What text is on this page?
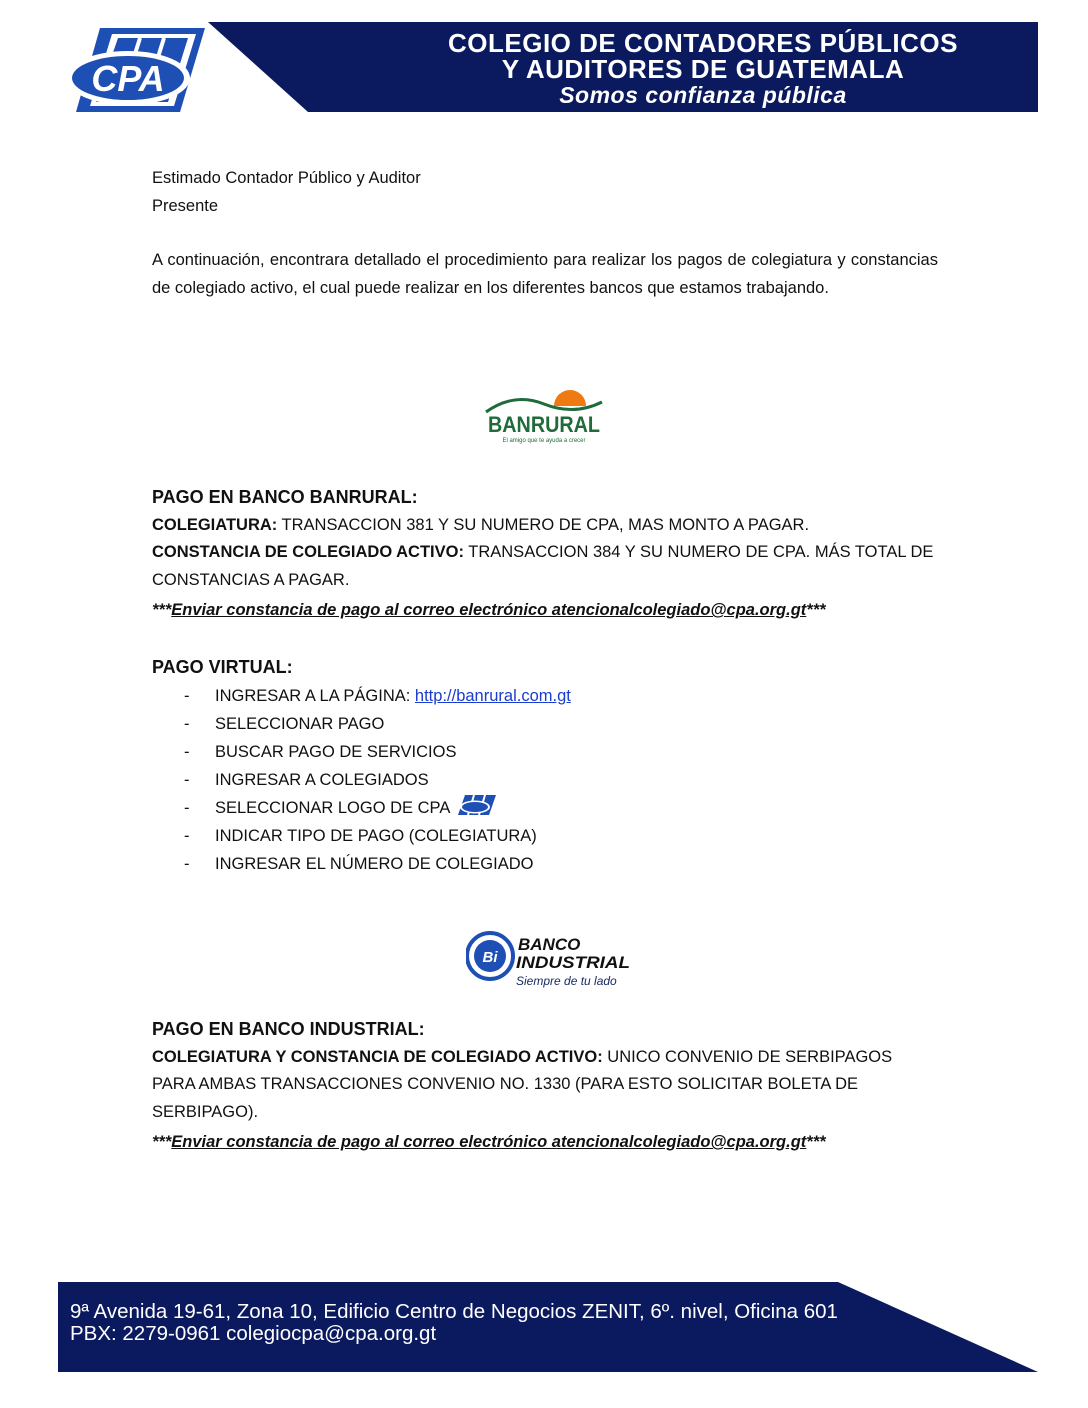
CPA
COLEGIO DE CONTADORES PÚBLICOS
Y AUDITORES DE GUATEMALA
Somos confianza pública
Estimado Contador Público y Auditor
Presente
A continuación, encontrara detallado el procedimiento para realizar los pagos de colegiatura y constancias de colegiado activo, el cual puede realizar en los diferentes bancos que estamos trabajando.
BANRURAL
El amigo que te ayuda a crecer
PAGO EN BANCO BANRURAL:
COLEGIATURA: TRANSACCION 381 Y SU NUMERO DE CPA, MAS MONTO A PAGAR.
CONSTANCIA DE COLEGIADO ACTIVO: TRANSACCION 384 Y SU NUMERO DE CPA. MÁS TOTAL DE CONSTANCIAS A PAGAR.
***Enviar constancia de pago al correo electrónico atencionalcolegiado@cpa.org.gt***
PAGO VIRTUAL:
- INGRESAR A LA PÁGINA: http://banrural.com.gt
- SELECCIONAR PAGO
- BUSCAR PAGO DE SERVICIOS
- INGRESAR A COLEGIADOS
- SELECCIONAR LOGO DE CPA
- INDICAR TIPO DE PAGO (COLEGIATURA)
- INGRESAR EL NÚMERO DE COLEGIADO
Bi
BANCO
INDUSTRIAL
Siempre de tu lado
PAGO EN BANCO INDUSTRIAL:
COLEGIATURA Y CONSTANCIA DE COLEGIADO ACTIVO: UNICO CONVENIO DE SERBIPAGOS PARA AMBAS TRANSACCIONES CONVENIO NO. 1330 (PARA ESTO SOLICITAR BOLETA DE SERBIPAGO).
***Enviar constancia de pago al correo electrónico atencionalcolegiado@cpa.org.gt***
9ª Avenida 19-61, Zona 10, Edificio Centro de Negocios ZENIT, 6º. nivel, Oficina 601
PBX: 2279-0961 colegiocpa@cpa.org.gt
